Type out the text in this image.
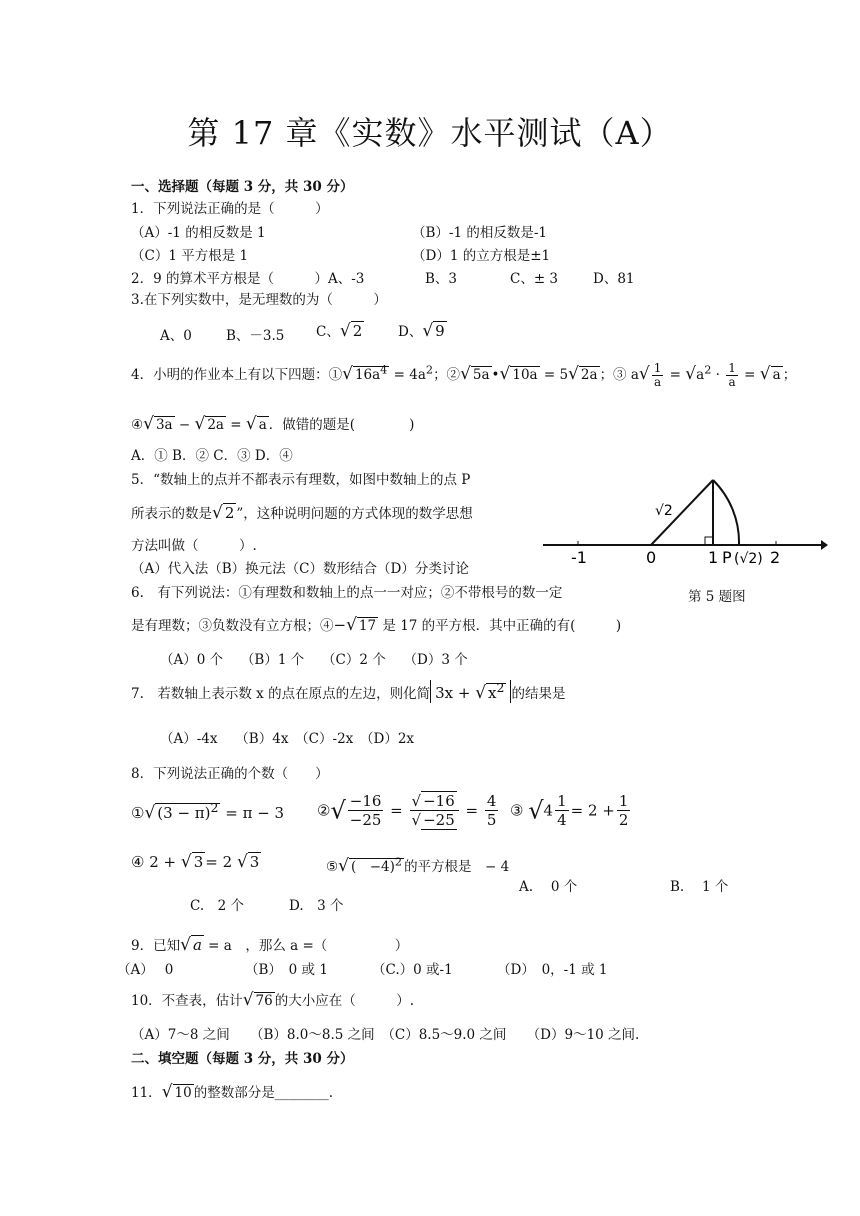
第 17 章《实数》水平测试（A）
一、选择题（每题 3 分，共 30 分）
1．下列说法正确的是（　　　）
（A）-1 的相反数是 1	（B）-1 的相反数是-1
（C）1 平方根是 1	（D）1 的立方根是±1
2．9 的算术平方根是（　　　）A、-3	B、3	C、± 3	D、81
3.在下列实数中，是无理数的为（　　　）
A、0	B、－3.5 C、√ 2	D、√ 9
4．小明的作业本上有以下四题：①√ $16a^4 = 4a^2$；②√ 5a •√ 10a = 5√ 2a ；③ $a√ \frac{1}{a} = √a^2 \cdot \frac{1}{a}$ = √ a ；
④√ 3a − √ 2a = √ a ．做错的题是(　　　　)
A．① B．② C．③ D．④
5．“数轴上的点并不都表示有理数，如图中数轴上的点 P
所表示的数是√ 2 ”，这种说明问题的方式体现的数学思想
方法叫做（　　　）.
（A）代入法（B）换元法（C）数形结合（D）分类讨论
-1	0	1 P (√2) 2
√2
第 5 题图
6.　有下列说法：①有理数和数轴上的点一一对应；②不带根号的数一定
是有理数；③负数没有立方根；④−√ 17 是 17 的平方根．其中正确的有(　　　)
（A）0 个　 （B）1 个　 （C）2 个　 （D）3 个
7.　若数轴上表示数 x 的点在原点的左边，则化简 3x + √ $x^2$ 的结果是
（A）-4x　 （B）4x　（C）-2x　（D）2x
8．下列说法正确的个数（　　）
①√ $(3 - \pi)^2 = \pi - 3$ ②√ $\frac{-16}{-25} = \frac{√ -16}{√ -25} = \frac{4}{5}$ ③ $√4 \frac{1}{4} = 2 + \frac{1}{2}$
④ 2 + √ 3 = 2 √ 3	⑤√ (　−4)$^2$ 的平方根是　− 4
A.　 0 个	B.　 1 个
C.　2 个	D.　3 个
9．已知√ a = a　，那么 a =（　　　　　）
（A）　 0	（B）　0 或 1	（C.）0 或-1	（D）　0，-1 或 1
10．不查表，估计√ 76 的大小应在（　　　）.
（A）7～8 之间　　（B）8.0～8.5 之间　（C）8.5～9.0 之间　　（D）9～10 之间.
二、填空题（每题 3 分，共 30 分）
11．√ 10 的整数部分是________.
